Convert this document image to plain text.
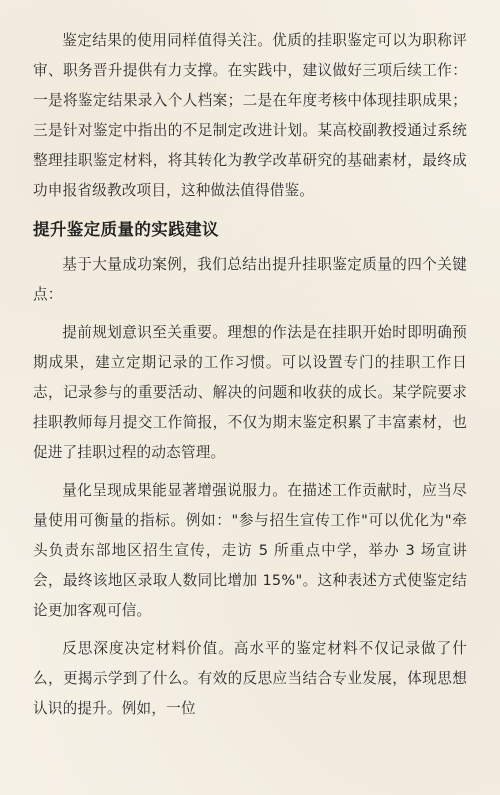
鉴定结果的使用同样值得关注。优质的挂职鉴定可以为职称评审、职务晋升提供有力支撑。在实践中，建议做好三项后续工作：一是将鉴定结果录入个人档案；二是在年度考核中体现挂职成果；三是针对鉴定中指出的不足制定改进计划。某高校副教授通过系统整理挂职鉴定材料，将其转化为教学改革研究的基础素材，最终成功申报省级教改项目，这种做法值得借鉴。

提升鉴定质量的实践建议

基于大量成功案例，我们总结出提升挂职鉴定质量的四个关键点：

提前规划意识至关重要。理想的作法是在挂职开始时即明确预期成果，建立定期记录的工作习惯。可以设置专门的挂职工作日志，记录参与的重要活动、解决的问题和收获的成长。某学院要求挂职教师每月提交工作简报，不仅为期末鉴定积累了丰富素材，也促进了挂职过程的动态管理。

量化呈现成果能显著增强说服力。在描述工作贡献时，应当尽量使用可衡量的指标。例如："参与招生宣传工作"可以优化为"牵头负责东部地区招生宣传，走访 5 所重点中学，举办 3 场宣讲会，最终该地区录取人数同比增加 15%"。这种表述方式使鉴定结论更加客观可信。

反思深度决定材料价值。高水平的鉴定材料不仅记录做了什么，更揭示学到了什么。有效的反思应当结合专业发展，体现思想认识的提升。例如，一位
